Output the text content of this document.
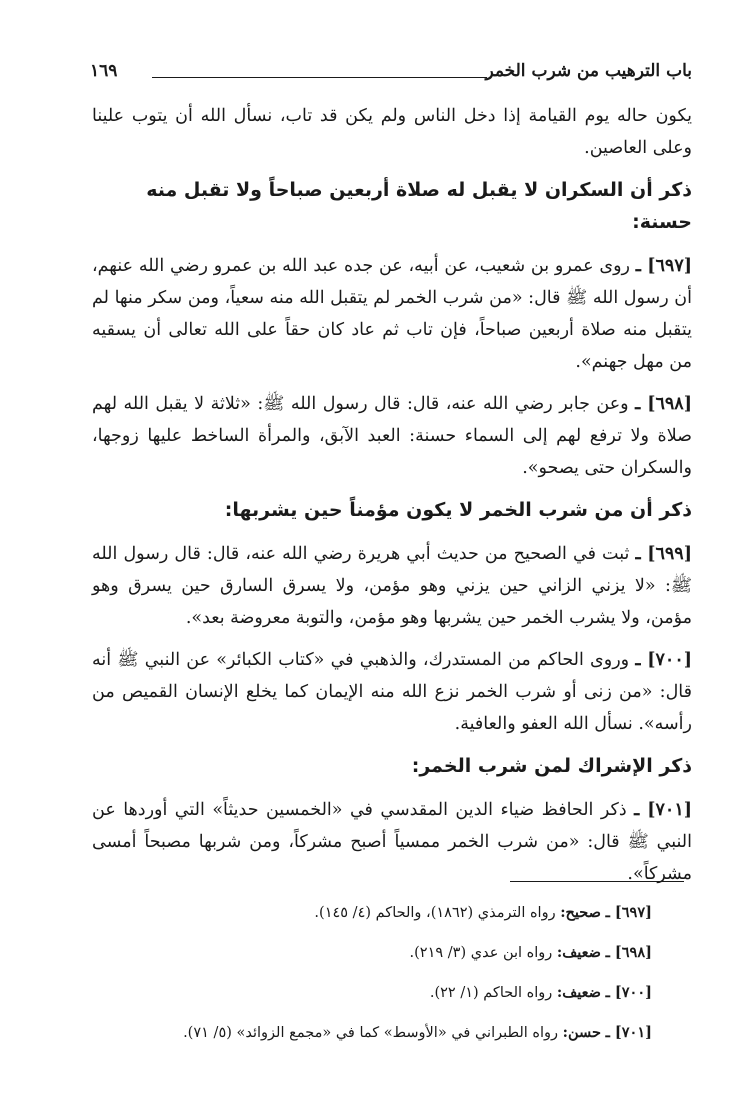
باب الترهيب من شرب الخمر
١٦٩

يكون حاله يوم القيامة إذا دخل الناس ولم يكن قد تاب، نسأل الله أن يتوب علينا وعلى العاصين.

ذكر أن السكران لا يقبل له صلاة أربعين صباحاً ولا تقبل منه حسنة:

[٦٩٧] ـ روى عمرو بن شعيب، عن أبيه، عن جده عبد الله بن عمرو رضي الله عنهم، أن رسول الله ﷺ قال: «من شرب الخمر لم يتقبل الله منه سعياً، ومن سكر منها لم يتقبل منه صلاة أربعين صباحاً، فإن تاب ثم عاد كان حقاً على الله تعالى أن يسقيه من مهل جهنم».

[٦٩٨] ـ وعن جابر رضي الله عنه، قال: قال رسول الله ﷺ: «ثلاثة لا يقبل الله لهم صلاة ولا ترفع لهم إلى السماء حسنة: العبد الآبق، والمرأة الساخط عليها زوجها، والسكران حتى يصحو».

ذكر أن من شرب الخمر لا يكون مؤمناً حين يشربها:

[٦٩٩] ـ ثبت في الصحيح من حديث أبي هريرة رضي الله عنه، قال: قال رسول الله ﷺ: «لا يزني الزاني حين يزني وهو مؤمن، ولا يسرق السارق حين يسرق وهو مؤمن، ولا يشرب الخمر حين يشربها وهو مؤمن، والتوبة معروضة بعد».

[٧٠٠] ـ وروى الحاكم من المستدرك، والذهبي في «كتاب الكبائر» عن النبي ﷺ أنه قال: «من زنى أو شرب الخمر نزع الله منه الإيمان كما يخلع الإنسان القميص من رأسه». نسأل الله العفو والعافية.

ذكر الإشراك لمن شرب الخمر:

[٧٠١] ـ ذكر الحافظ ضياء الدين المقدسي في «الخمسين حديثاً» التي أوردها عن النبي ﷺ قال: «من شرب الخمر ممسياً أصبح مشركاً، ومن شربها مصبحاً أمسى مشركاً».

[٦٩٧] ـ صحيح: رواه الترمذي (١٨٦٢)، والحاكم (٤/ ١٤٥).

[٦٩٨] ـ ضعيف: رواه ابن عدي (٣/ ٢١٩).

[٧٠٠] ـ ضعيف: رواه الحاكم (١/ ٢٢).

[٧٠١] ـ حسن: رواه الطبراني في «الأوسط» كما في «مجمع الزوائد» (٥/ ٧١).
